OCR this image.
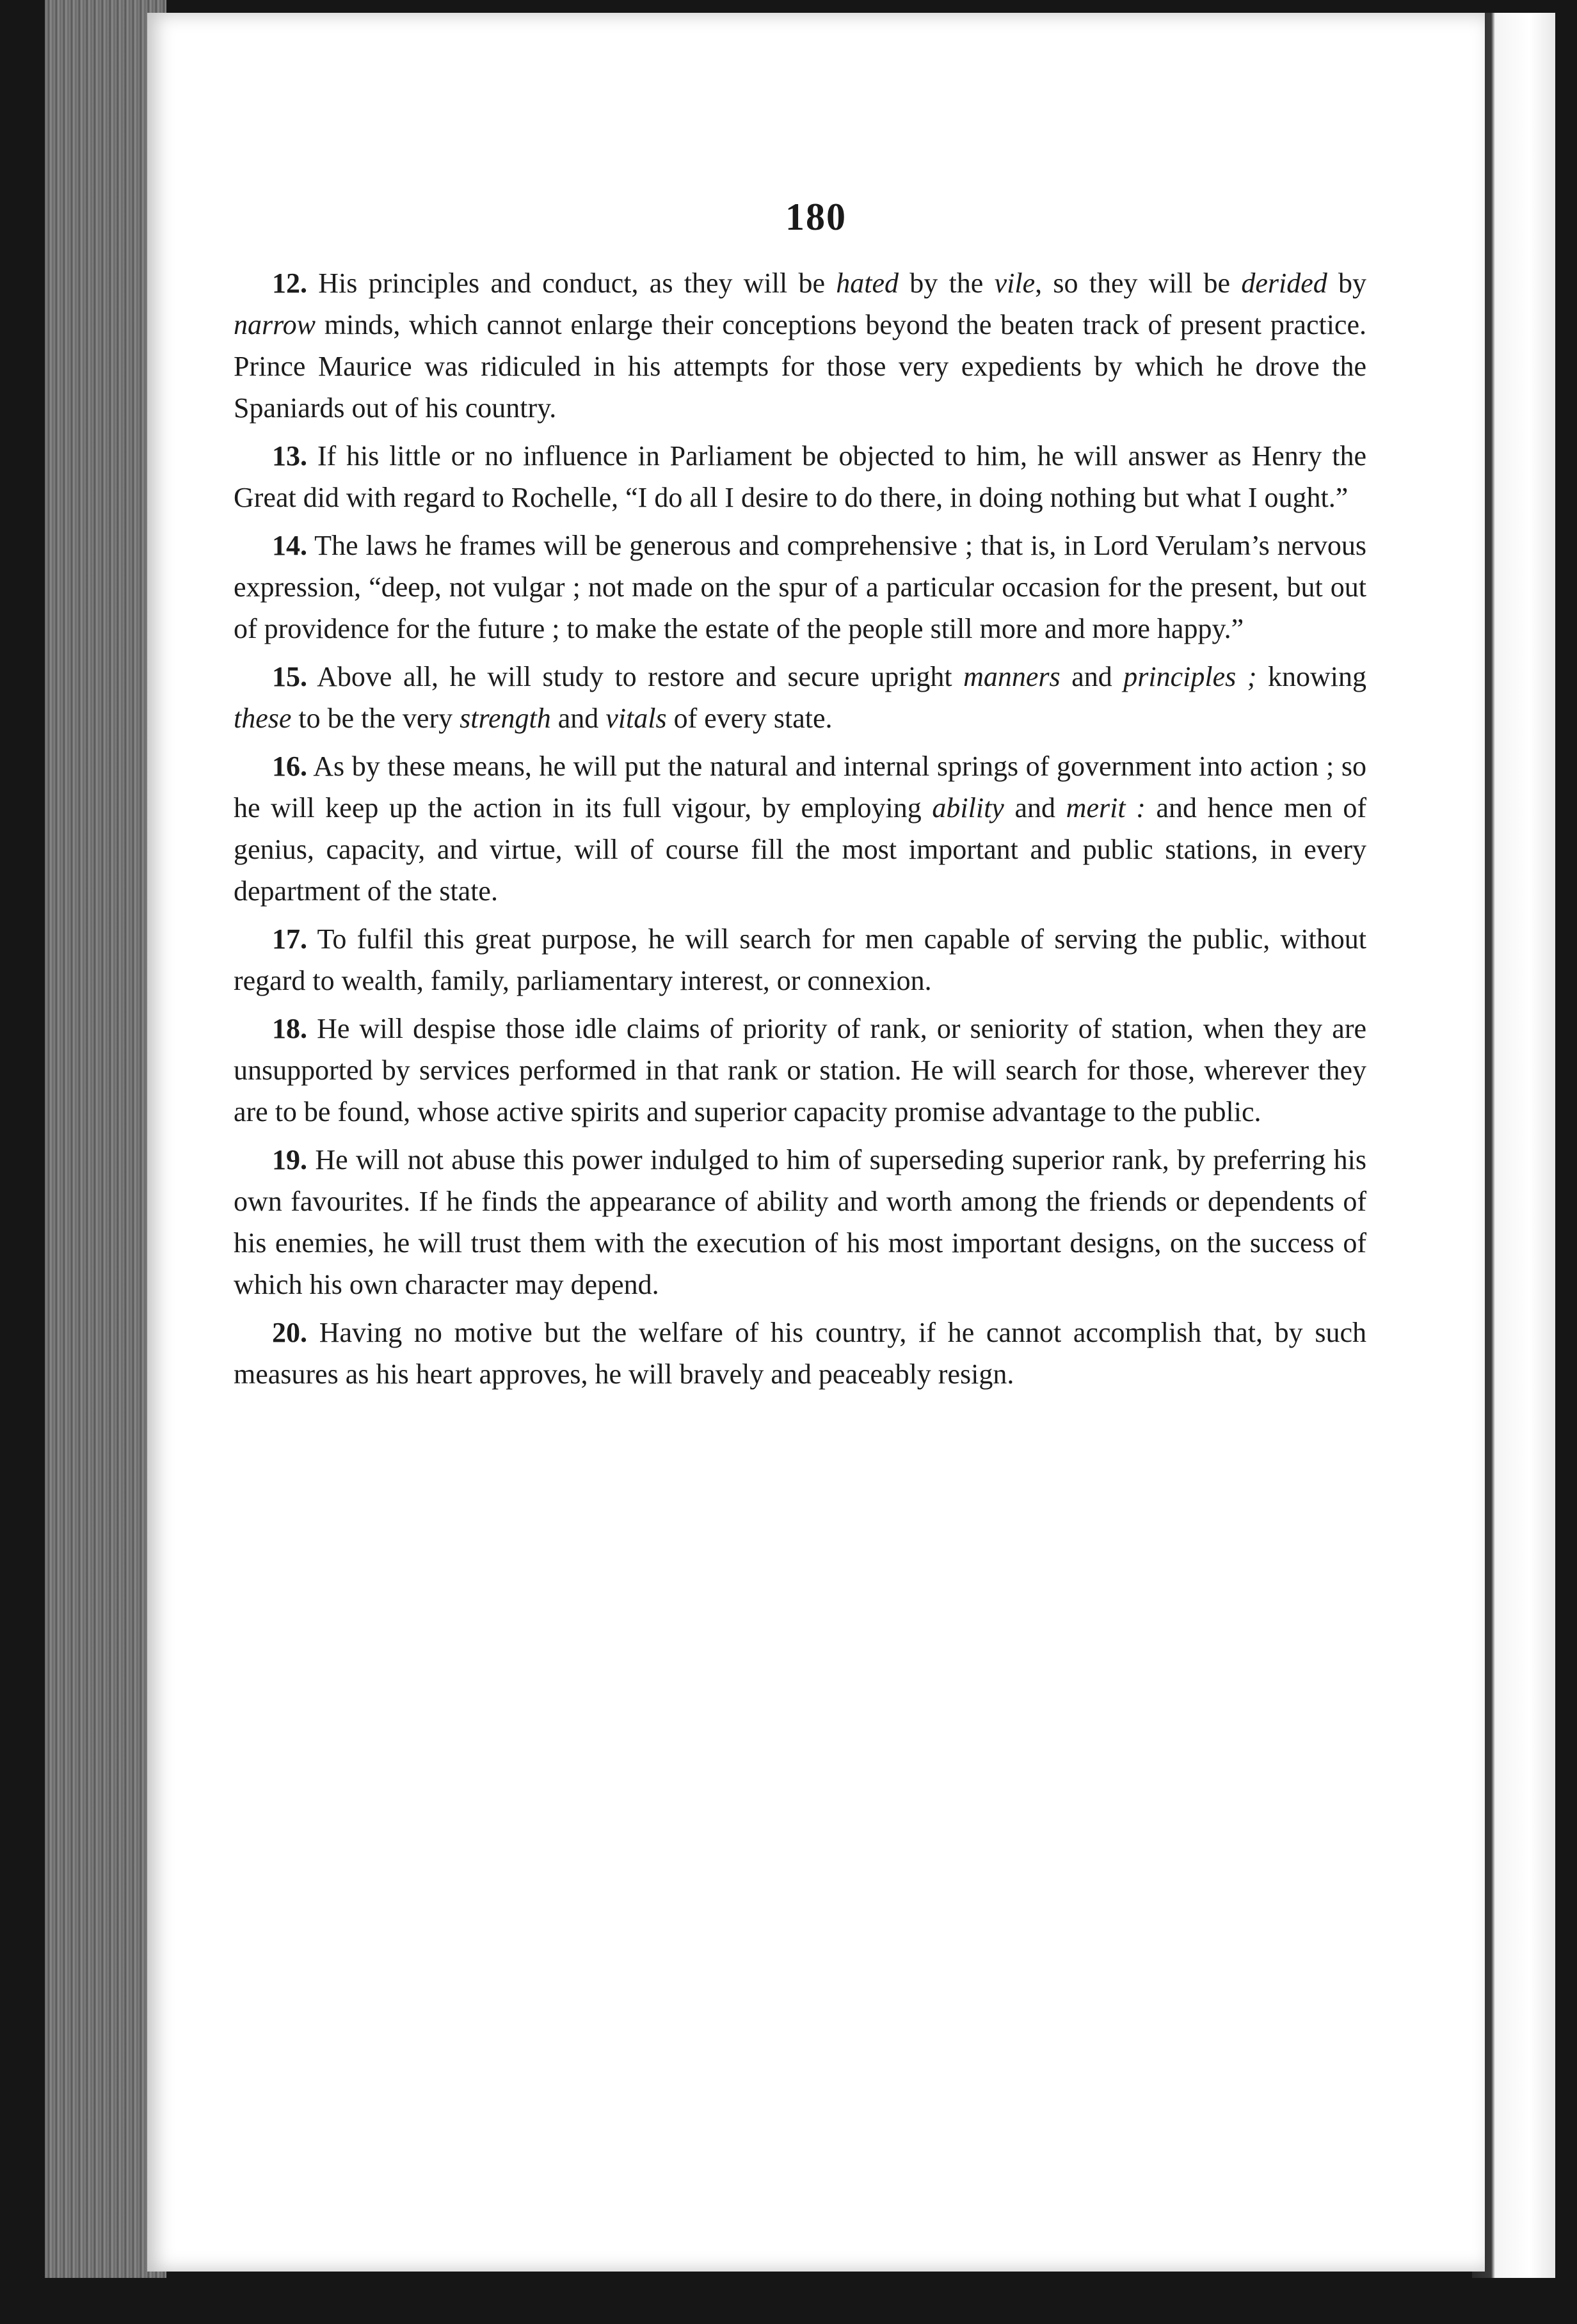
180

12. His principles and conduct, as they will be hated by the vile, so they will be derided by narrow minds, which cannot enlarge their conceptions beyond the beaten track of present practice. Prince Maurice was ridiculed in his attempts for those very expedients by which he drove the Spaniards out of his country.

13. If his little or no influence in Parliament be objected to him, he will answer as Henry the Great did with regard to Rochelle, “I do all I desire to do there, in doing nothing but what I ought.”

14. The laws he frames will be generous and comprehensive ; that is, in Lord Verulam’s nervous expression, “deep, not vulgar ; not made on the spur of a particular occasion for the present, but out of providence for the future ; to make the estate of the people still more and more happy.”

15. Above all, he will study to restore and secure upright manners and principles ; knowing these to be the very strength and vitals of every state.

16. As by these means, he will put the natural and internal springs of government into action ; so he will keep up the action in its full vigour, by employing ability and merit : and hence men of genius, capacity, and virtue, will of course fill the most important and public stations, in every department of the state.

17. To fulfil this great purpose, he will search for men capable of serving the public, without regard to wealth, family, parliamentary interest, or connexion.

18. He will despise those idle claims of priority of rank, or seniority of station, when they are unsupported by services performed in that rank or station. He will search for those, wherever they are to be found, whose active spirits and superior capacity promise advantage to the public.

19. He will not abuse this power indulged to him of superseding superior rank, by preferring his own favourites. If he finds the appearance of ability and worth among the friends or dependents of his enemies, he will trust them with the execution of his most important designs, on the success of which his own character may depend.

20. Having no motive but the welfare of his country, if he cannot accomplish that, by such measures as his heart approves, he will bravely and peaceably resign.
